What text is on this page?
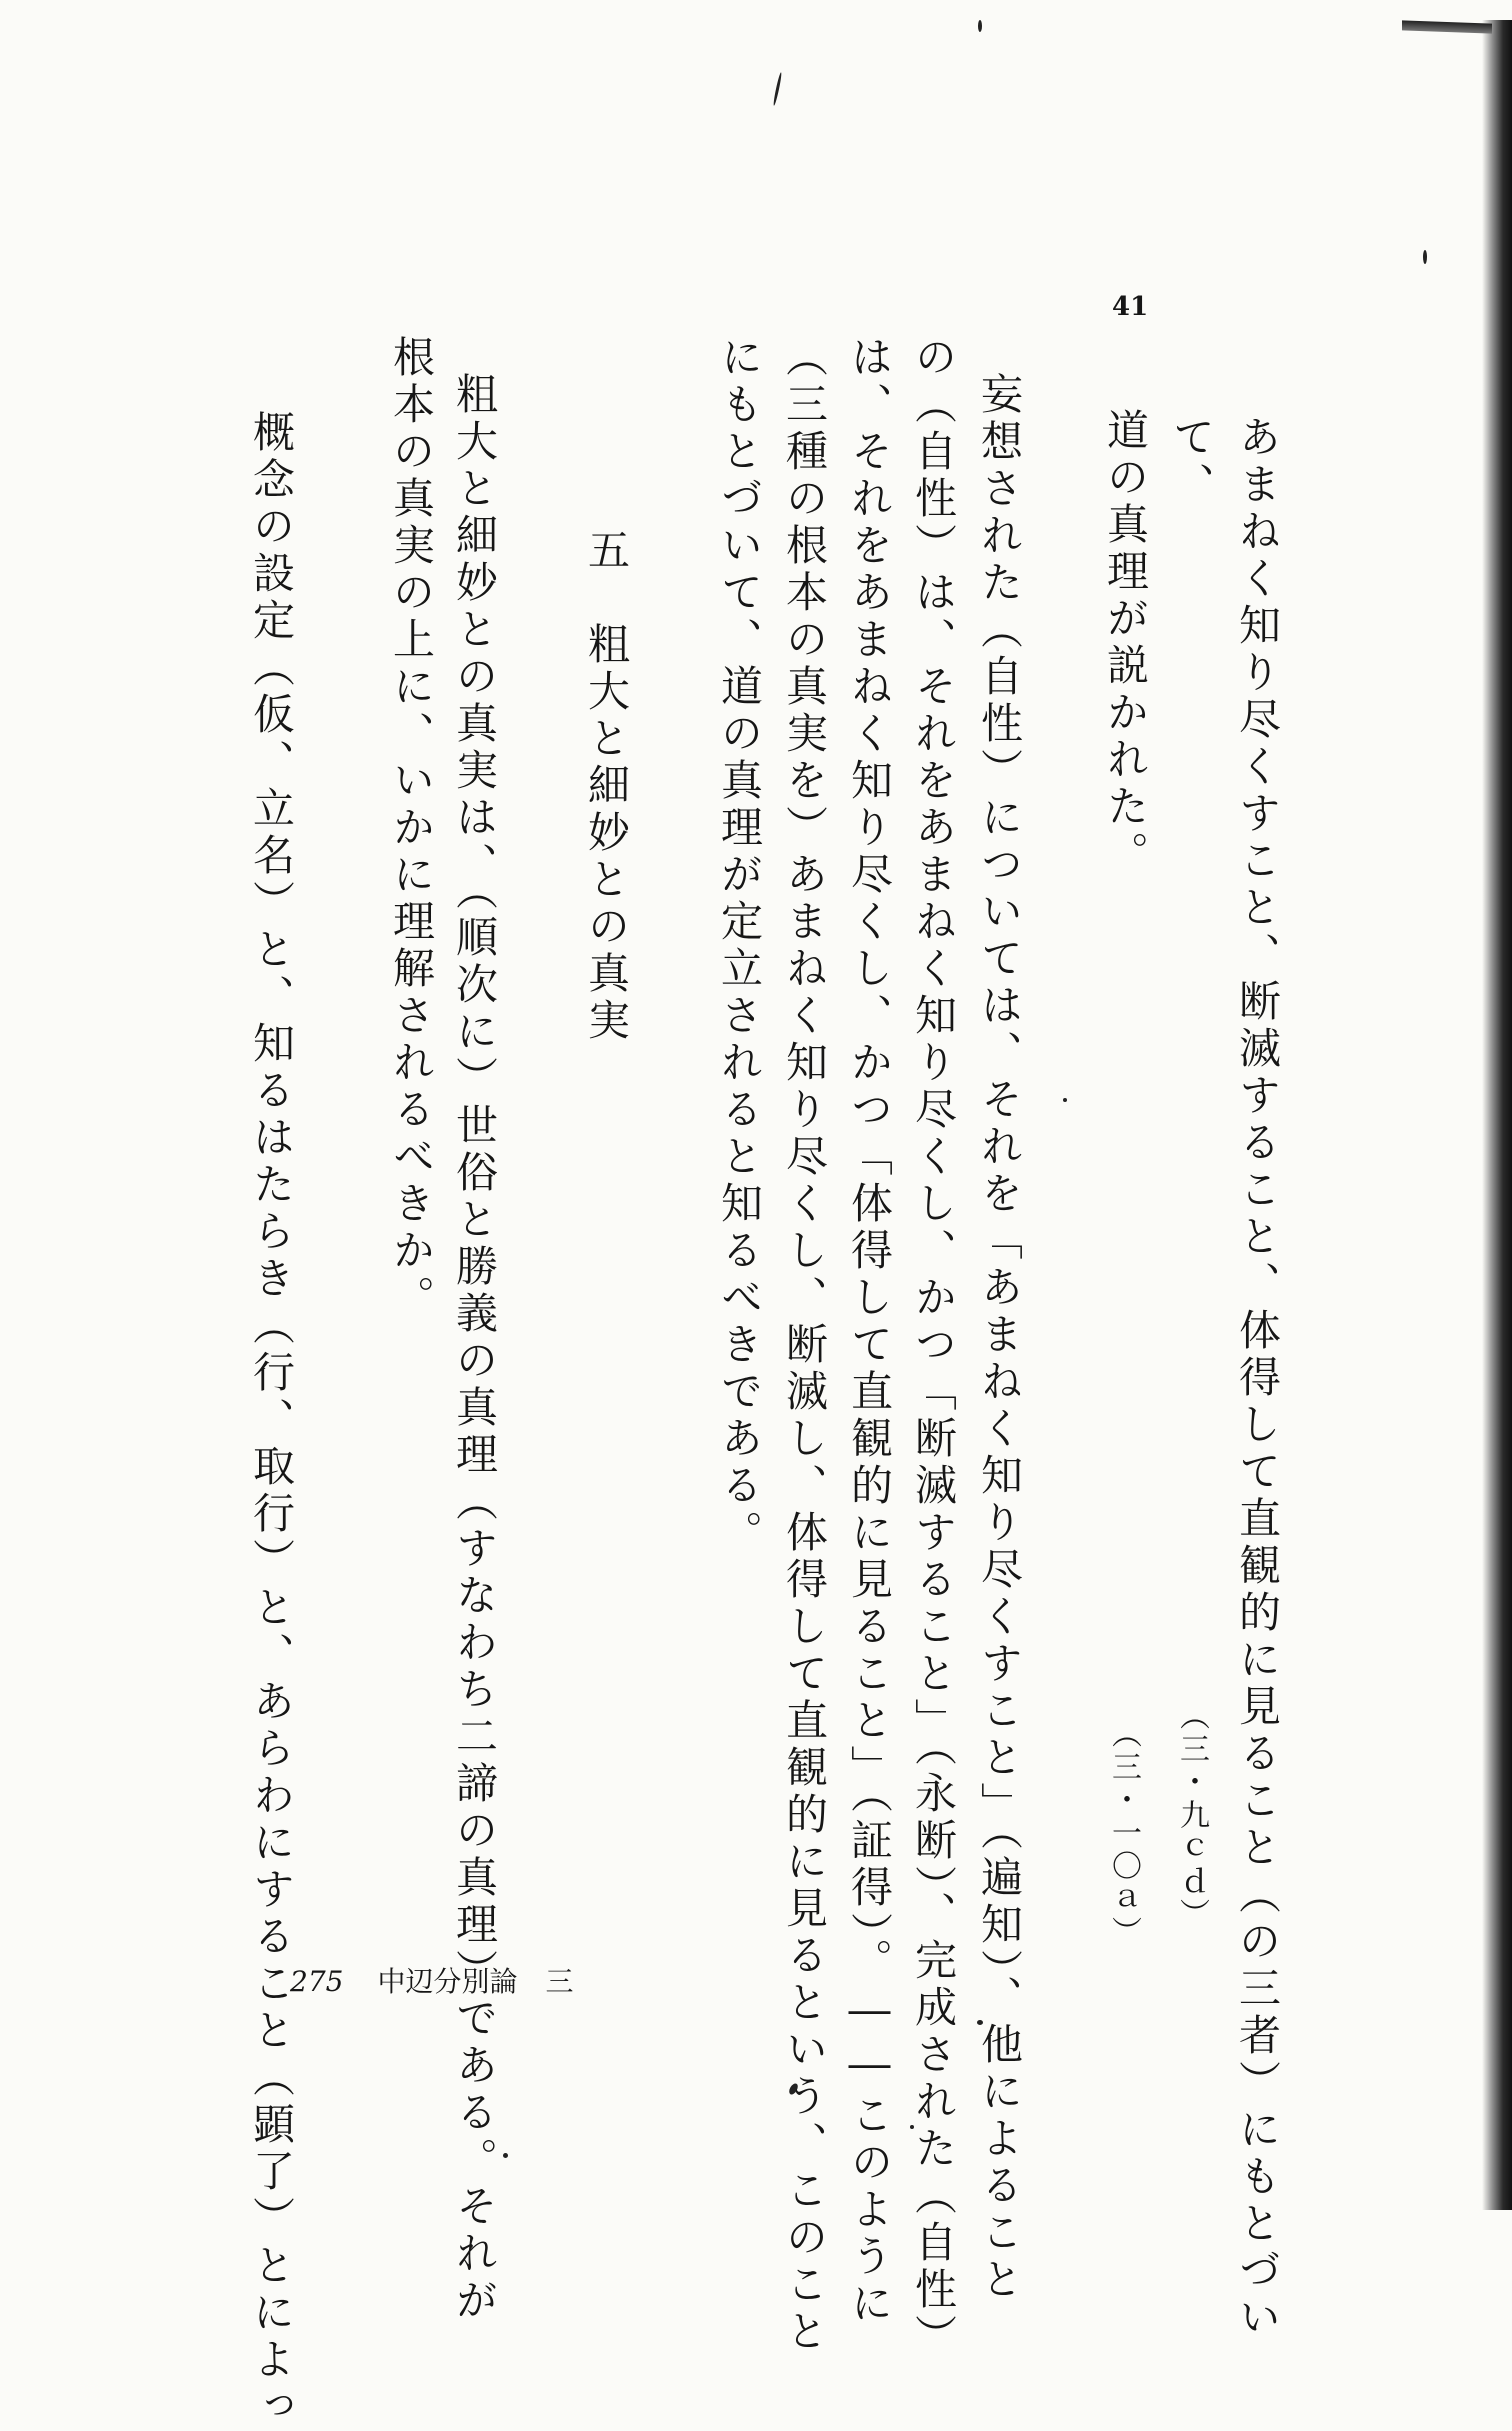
41
あまねく知り尽くすこと、断滅すること、体得して直観的に見ること（の三者）にもとづい
て、
（三・九ｃｄ）
道の真理が説かれた。
（三・一〇ａ）
妄想された（自性）については、それを「あまねく知り尽くすこと」（遍知）、他によること
の（自性）は、それをあまねく知り尽くし、かつ「断滅すること」（永断）、完成された（自性）
は、それをあまねく知り尽くし、かつ「体得して直観的に見ること」（証得）。――このように
（三種の根本の真実を）あまねく知り尽くし、断滅し、体得して直観的に見るという、このこと
にもとづいて、道の真理が定立されると知るべきである。
五　粗大と細妙との真実
粗大と細妙との真実は、（順次に）世俗と勝義の真理（すなわち二諦の真理）である。それが
根本の真実の上に、いかに理解されるべきか。
概念の設定（仮、立名）と、知るはたらき（行、取行）と、あらわにすること（顕了）とによっ
275 中辺分別論　三
